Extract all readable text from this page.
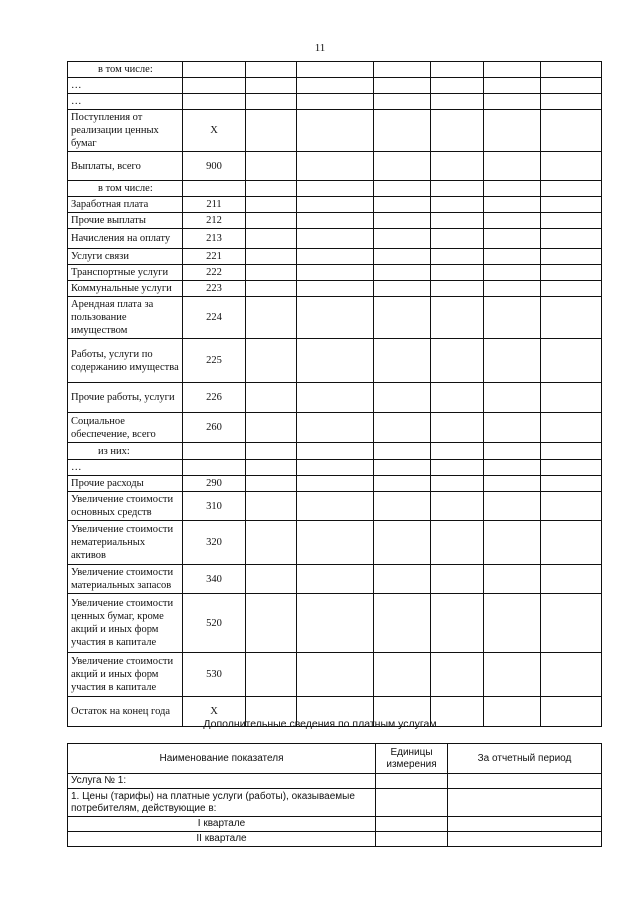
11
в том числе:							
…							
…							
Поступления от реализации ценных бумаг	X						
Выплаты, всего	900						
в том числе:							
Заработная плата	211						
Прочие выплаты	212						
Начисления на оплату	213						
Услуги связи	221						
Транспортные услуги	222						
Коммунальные услуги	223						
Арендная плата за пользование имуществом	224						
Работы, услуги по содержанию имущества	225						
Прочие работы, услуги	226						
Социальное обеспечение, всего	260						
из них:							
…							
Прочие расходы	290						
Увеличение стоимости основных средств	310						
Увеличение стоимости нематериальных активов	320						
Увеличение стоимости материальных запасов	340						
Увеличение стоимости ценных бумаг, кроме акций и иных форм участия в капитале	520						
Увеличение стоимости акций и иных форм участия в капитале	530						
Остаток на конец года	X						
Дополнительные сведения по платным услугам
Наименование показателя	Единицы измерения	За отчетный период
Услуга № 1:		
1. Цены (тарифы) на платные услуги (работы), оказываемые потребителям, действующие в:		
I квартале		
II квартале		
